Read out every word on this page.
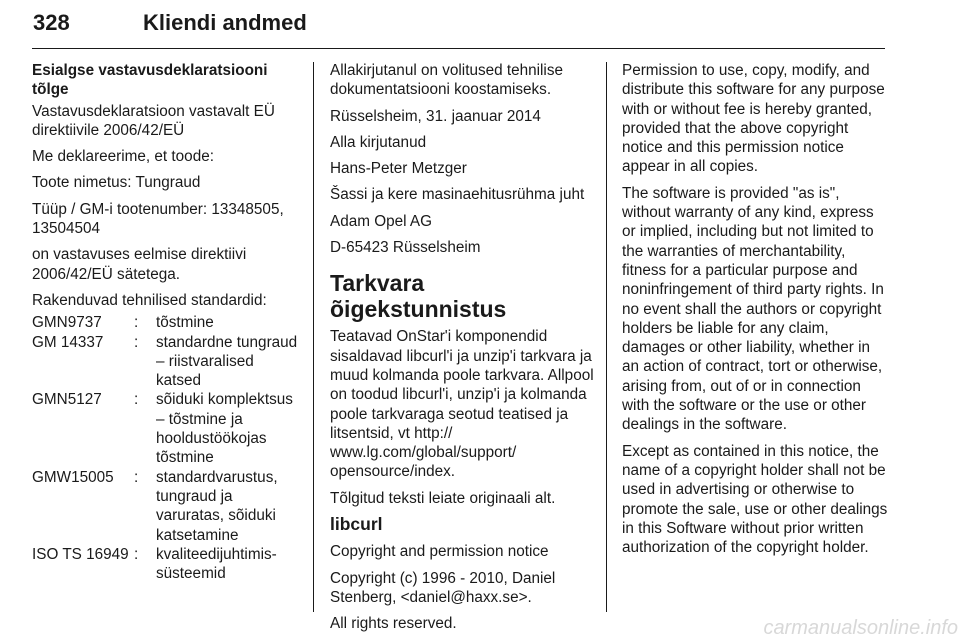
328	Kliendi andmed

Esialgse vastavusdeklaratsiooni tõlge

Vastavusdeklaratsioon vastavalt EÜ direktiivile 2006/42/EÜ

Me deklareerime, et toode:

Toote nimetus: Tungraud

Tüüp / GM-i tootenumber: 13348505, 13504504

on vastavuses eelmise direktiivi 2006/42/EÜ sätetega.

Rakenduvad tehnilised standardid:

GMN9737	:	tõstmine
GM 14337	:	standardne tungraud – riistvaralised katsed
GMN5127	:	sõiduki komplektsus – tõstmine ja hooldustöökojas tõstmine
GMW15005	:	standardvarustus, tungraud ja varuratas, sõiduki katsetamine
ISO TS 16949 :	kvaliteedijuhtimis-süsteemid

Allakirjutanul on volitused tehnilise dokumentatsiooni koostamiseks.

Rüsselsheim, 31. jaanuar 2014

Alla kirjutanud

Hans-Peter Metzger

Šassi ja kere masinaehitusrühma juht

Adam Opel AG

D-65423 Rüsselsheim

Tarkvara õigekstunnistus

Teatavad OnStar'i komponendid sisaldavad libcurl'i ja unzip'i tarkvara ja muud kolmanda poole tarkvara. Allpool on toodud libcurl'i, unzip'i ja kolmanda poole tarkvaraga seotud teatised ja litsentsid, vt http:// www.lg.com/global/support/ opensource/index.

Tõlgitud teksti leiate originaali alt.

libcurl

Copyright and permission notice

Copyright (c) 1996 - 2010, Daniel Stenberg, <daniel@haxx.se>.

All rights reserved.

Permission to use, copy, modify, and distribute this software for any purpose with or without fee is hereby granted, provided that the above copyright notice and this permission notice appear in all copies.

The software is provided "as is", without warranty of any kind, express or implied, including but not limited to the warranties of merchantability, fitness for a particular purpose and noninfringement of third party rights. In no event shall the authors or copyright holders be liable for any claim, damages or other liability, whether in an action of contract, tort or otherwise, arising from, out of or in connection with the software or the use or other dealings in the software.

Except as contained in this notice, the name of a copyright holder shall not be used in advertising or otherwise to promote the sale, use or other dealings in this Software without prior written authorization of the copyright holder.

carmanualsonline.info
